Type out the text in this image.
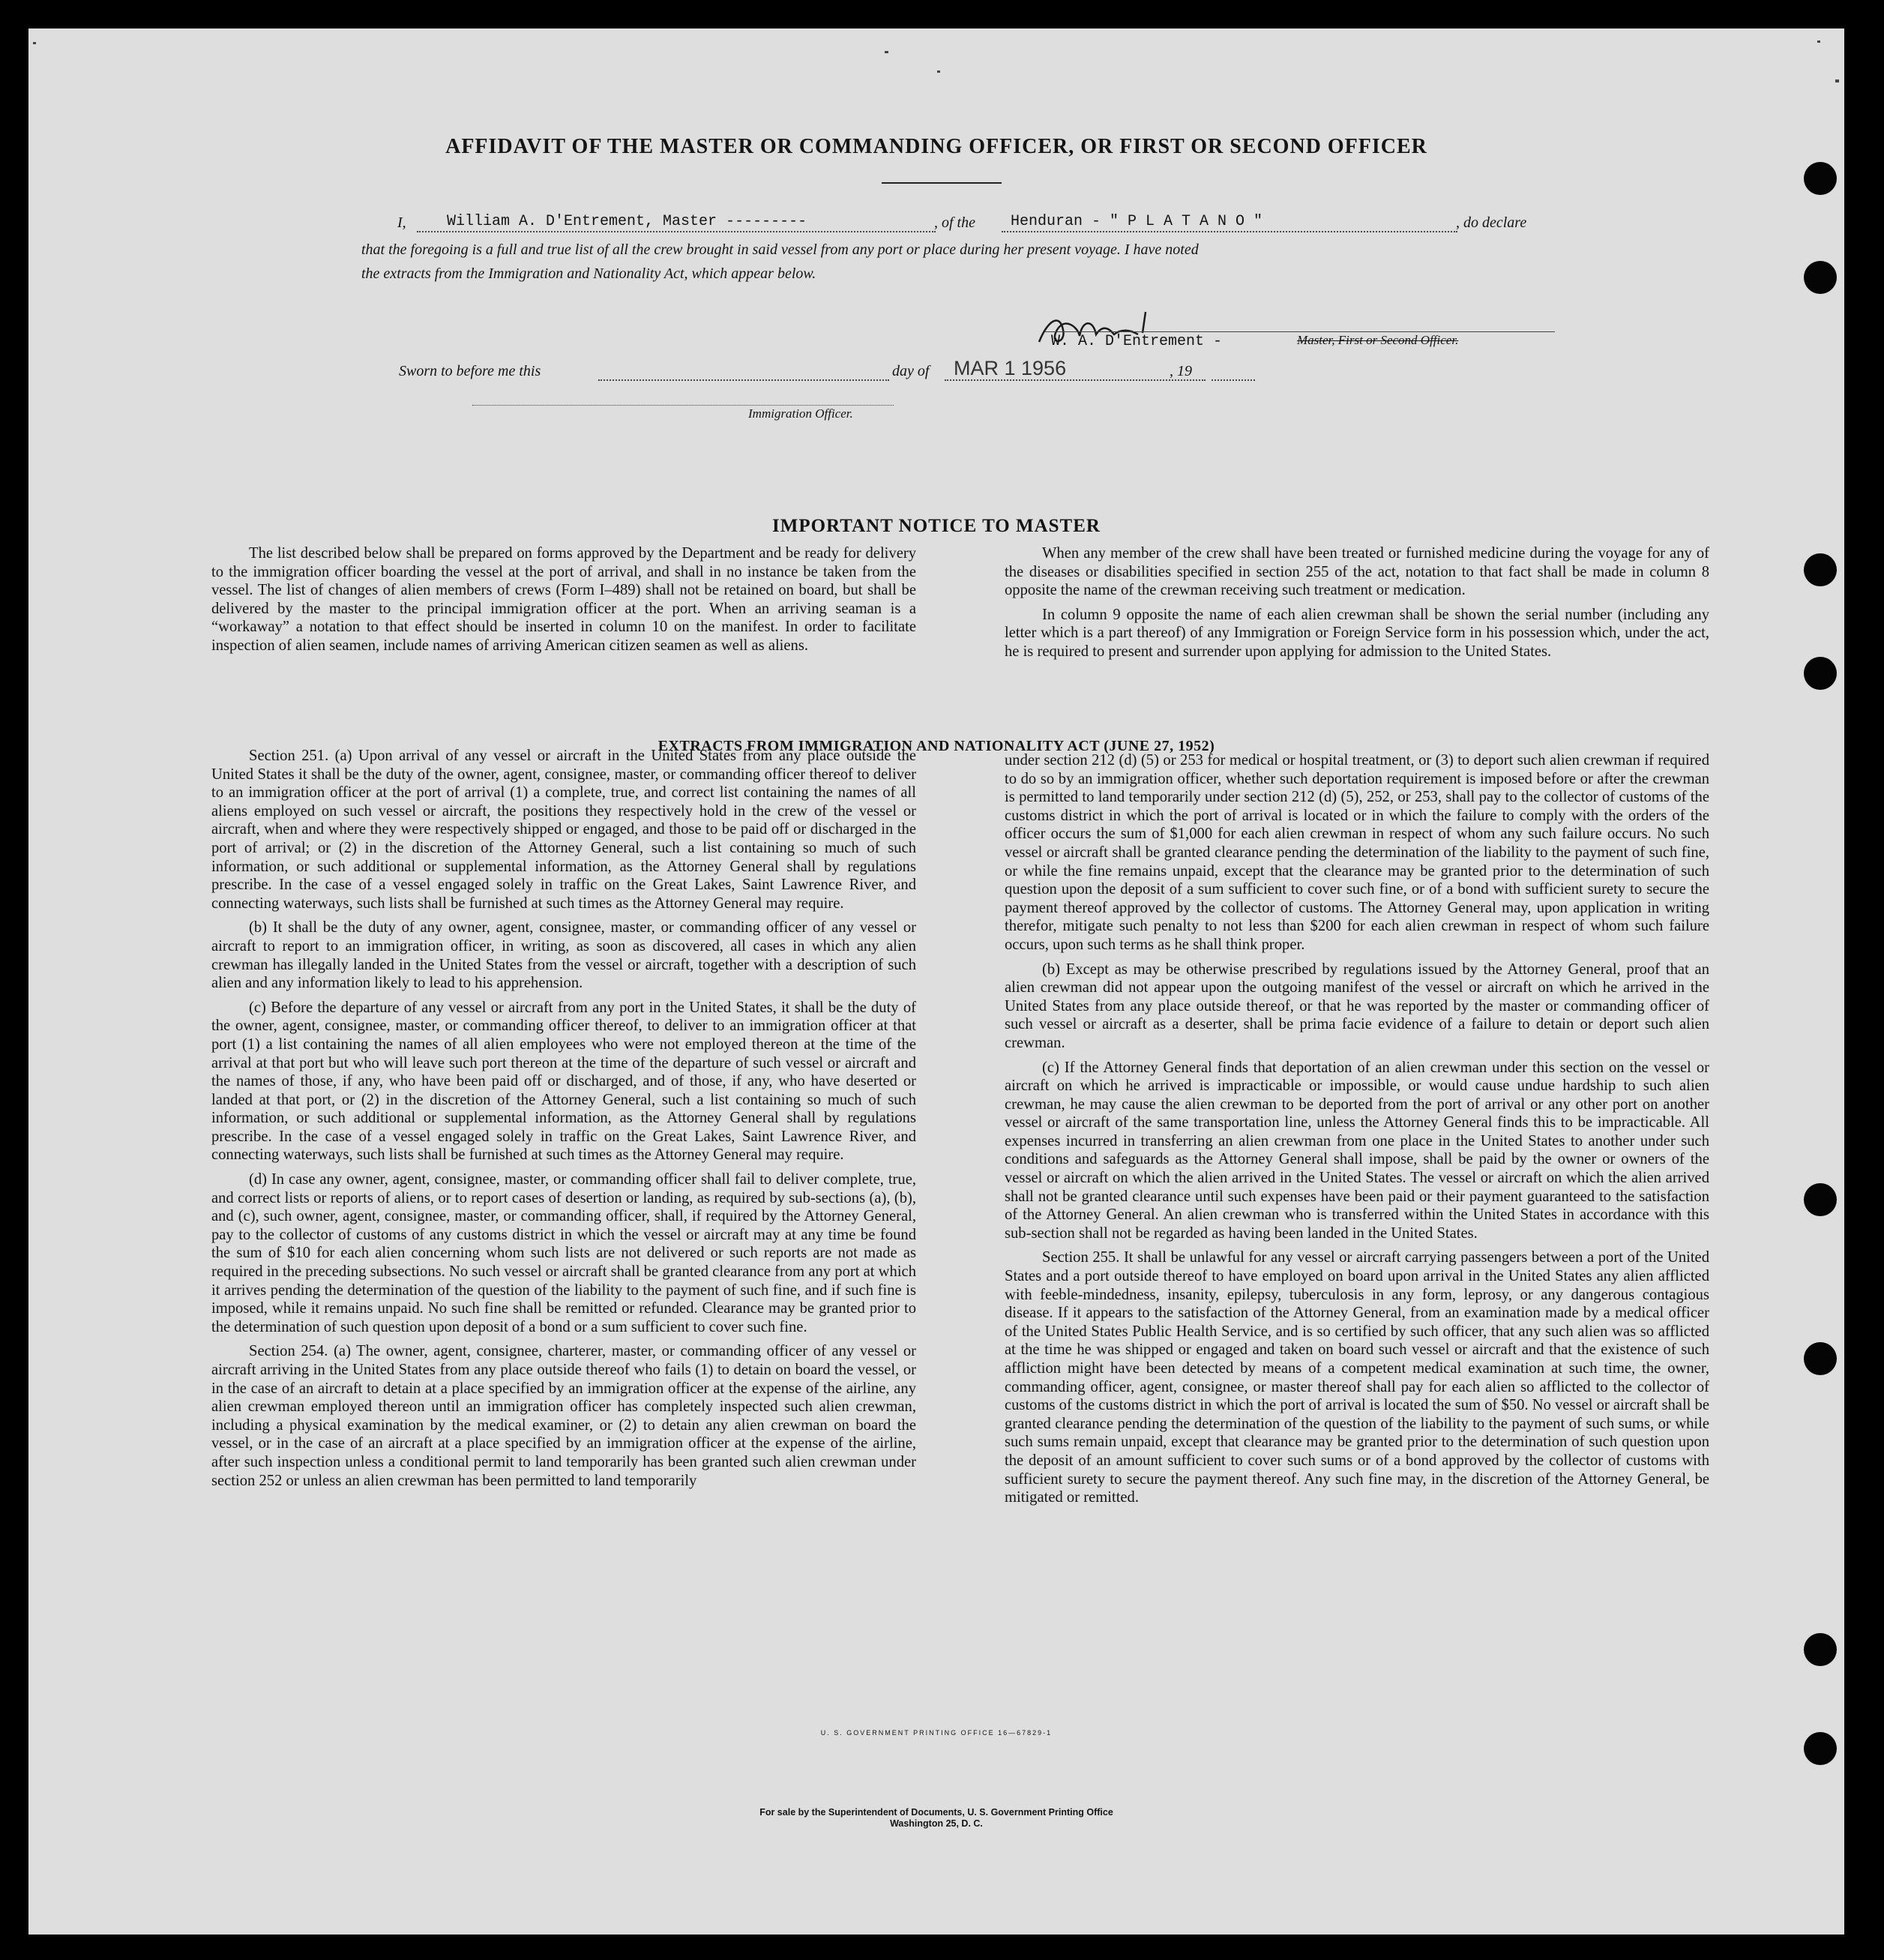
AFFIDAVIT OF THE MASTER OR COMMANDING OFFICER, OR FIRST OR SECOND OFFICER
I,	William A. D'Entrement, Master ---------	, of the Henduran - " P L A T A N O "	, do declare
that the foregoing is a full and true list of all the crew brought in said vessel from any port or place during her present voyage. I have noted
the extracts from the Immigration and Nationality Act, which appear below.
W. A. D'Entrement -	Master, First or Second Officer.
Sworn to before me this	day of MAR 1 1956	, 19
Immigration Officer.
IMPORTANT NOTICE TO MASTER

The list described below shall be prepared on forms approved by the Department and be ready for delivery to the immigration officer boarding the vessel at the port of arrival, and shall in no instance be taken from the vessel. The list of changes of alien members of crews (Form I–489) shall not be retained on board, but shall be delivered by the master to the principal immigration officer at the port. When an arriving seaman is a “workaway” a notation to that effect should be inserted in column 10 on the manifest. In order to facilitate inspection of alien seamen, include names of arriving American citizen seamen as well as aliens.

When any member of the crew shall have been treated or furnished medicine during the voyage for any of the diseases or disabilities specified in section 255 of the act, notation to that fact shall be made in column 8 opposite the name of the crewman receiving such treatment or medication.

In column 9 opposite the name of each alien crewman shall be shown the serial number (including any letter which is a part thereof) of any Immigration or Foreign Service form in his possession which, under the act, he is required to present and surrender upon applying for admission to the United States.

EXTRACTS FROM IMMIGRATION AND NATIONALITY ACT (JUNE 27, 1952)

Section 251. (a) Upon arrival of any vessel or aircraft in the United States from any place outside the United States it shall be the duty of the owner, agent, consignee, master, or commanding officer thereof to deliver to an immigration officer at the port of arrival (1) a complete, true, and correct list containing the names of all aliens employed on such vessel or aircraft, the positions they respectively hold in the crew of the vessel or aircraft, when and where they were respectively shipped or engaged, and those to be paid off or discharged in the port of arrival; or (2) in the discretion of the Attorney General, such a list containing so much of such information, or such additional or supplemental information, as the Attorney General shall by regulations prescribe. In the case of a vessel engaged solely in traffic on the Great Lakes, Saint Lawrence River, and connecting waterways, such lists shall be furnished at such times as the Attorney General may require.

(b) It shall be the duty of any owner, agent, consignee, master, or commanding officer of any vessel or aircraft to report to an immigration officer, in writing, as soon as discovered, all cases in which any alien crewman has illegally landed in the United States from the vessel or aircraft, together with a description of such alien and any information likely to lead to his apprehension.

(c) Before the departure of any vessel or aircraft from any port in the United States, it shall be the duty of the owner, agent, consignee, master, or commanding officer thereof, to deliver to an immigration officer at that port (1) a list containing the names of all alien employees who were not employed thereon at the time of the arrival at that port but who will leave such port thereon at the time of the departure of such vessel or aircraft and the names of those, if any, who have been paid off or discharged, and of those, if any, who have deserted or landed at that port, or (2) in the discretion of the Attorney General, such a list containing so much of such information, or such additional or supplemental information, as the Attorney General shall by regulations prescribe. In the case of a vessel engaged solely in traffic on the Great Lakes, Saint Lawrence River, and connecting waterways, such lists shall be furnished at such times as the Attorney General may require.

(d) In case any owner, agent, consignee, master, or commanding officer shall fail to deliver complete, true, and correct lists or reports of aliens, or to report cases of desertion or landing, as required by sub-sections (a), (b), and (c), such owner, agent, consignee, master, or commanding officer, shall, if required by the Attorney General, pay to the collector of customs of any customs district in which the vessel or aircraft may at any time be found the sum of $10 for each alien concerning whom such lists are not delivered or such reports are not made as required in the preceding subsections. No such vessel or aircraft shall be granted clearance from any port at which it arrives pending the determination of the question of the liability to the payment of such fine, and if such fine is imposed, while it remains unpaid. No such fine shall be remitted or refunded. Clearance may be granted prior to the determination of such question upon deposit of a bond or a sum sufficient to cover such fine.

Section 254. (a) The owner, agent, consignee, charterer, master, or commanding officer of any vessel or aircraft arriving in the United States from any place outside thereof who fails (1) to detain on board the vessel, or in the case of an aircraft to detain at a place specified by an immigration officer at the expense of the airline, any alien crewman employed thereon until an immigration officer has completely inspected such alien crewman, including a physical examination by the medical examiner, or (2) to detain any alien crewman on board the vessel, or in the case of an aircraft at a place specified by an immigration officer at the expense of the airline, after such inspection unless a conditional permit to land temporarily has been granted such alien crewman under section 252 or unless an alien crewman has been permitted to land temporarily

under section 212 (d) (5) or 253 for medical or hospital treatment, or (3) to deport such alien crewman if required to do so by an immigration officer, whether such deportation requirement is imposed before or after the crewman is permitted to land temporarily under section 212 (d) (5), 252, or 253, shall pay to the collector of customs of the customs district in which the port of arrival is located or in which the failure to comply with the orders of the officer occurs the sum of $1,000 for each alien crewman in respect of whom any such failure occurs. No such vessel or aircraft shall be granted clearance pending the determination of the liability to the payment of such fine, or while the fine remains unpaid, except that the clearance may be granted prior to the determination of such question upon the deposit of a sum sufficient to cover such fine, or of a bond with sufficient surety to secure the payment thereof approved by the collector of customs. The Attorney General may, upon application in writing therefor, mitigate such penalty to not less than $200 for each alien crewman in respect of whom such failure occurs, upon such terms as he shall think proper.

(b) Except as may be otherwise prescribed by regulations issued by the Attorney General, proof that an alien crewman did not appear upon the outgoing manifest of the vessel or aircraft on which he arrived in the United States from any place outside thereof, or that he was reported by the master or commanding officer of such vessel or aircraft as a deserter, shall be prima facie evidence of a failure to detain or deport such alien crewman.

(c) If the Attorney General finds that deportation of an alien crewman under this section on the vessel or aircraft on which he arrived is impracticable or impossible, or would cause undue hardship to such alien crewman, he may cause the alien crewman to be deported from the port of arrival or any other port on another vessel or aircraft of the same transportation line, unless the Attorney General finds this to be impracticable. All expenses incurred in transferring an alien crewman from one place in the United States to another under such conditions and safeguards as the Attorney General shall impose, shall be paid by the owner or owners of the vessel or aircraft on which the alien arrived in the United States. The vessel or aircraft on which the alien arrived shall not be granted clearance until such expenses have been paid or their payment guaranteed to the satisfaction of the Attorney General. An alien crewman who is transferred within the United States in accordance with this sub-section shall not be regarded as having been landed in the United States.

Section 255. It shall be unlawful for any vessel or aircraft carrying passengers between a port of the United States and a port outside thereof to have employed on board upon arrival in the United States any alien afflicted with feeble-mindedness, insanity, epilepsy, tuberculosis in any form, leprosy, or any dangerous contagious disease. If it appears to the satisfaction of the Attorney General, from an examination made by a medical officer of the United States Public Health Service, and is so certified by such officer, that any such alien was so afflicted at the time he was shipped or engaged and taken on board such vessel or aircraft and that the existence of such affliction might have been detected by means of a competent medical examination at such time, the owner, commanding officer, agent, consignee, or master thereof shall pay for each alien so afflicted to the collector of customs of the customs district in which the port of arrival is located the sum of $50. No vessel or aircraft shall be granted clearance pending the determination of the question of the liability to the payment of such sums, or while such sums remain unpaid, except that clearance may be granted prior to the determination of such question upon the deposit of an amount sufficient to cover such sums or of a bond approved by the collector of customs with sufficient surety to secure the payment thereof. Any such fine may, in the discretion of the Attorney General, be mitigated or remitted.

U. S. GOVERNMENT PRINTING OFFICE 16—67829-1
For sale by the Superintendent of Documents, U. S. Government Printing Office
Washington 25, D. C.
